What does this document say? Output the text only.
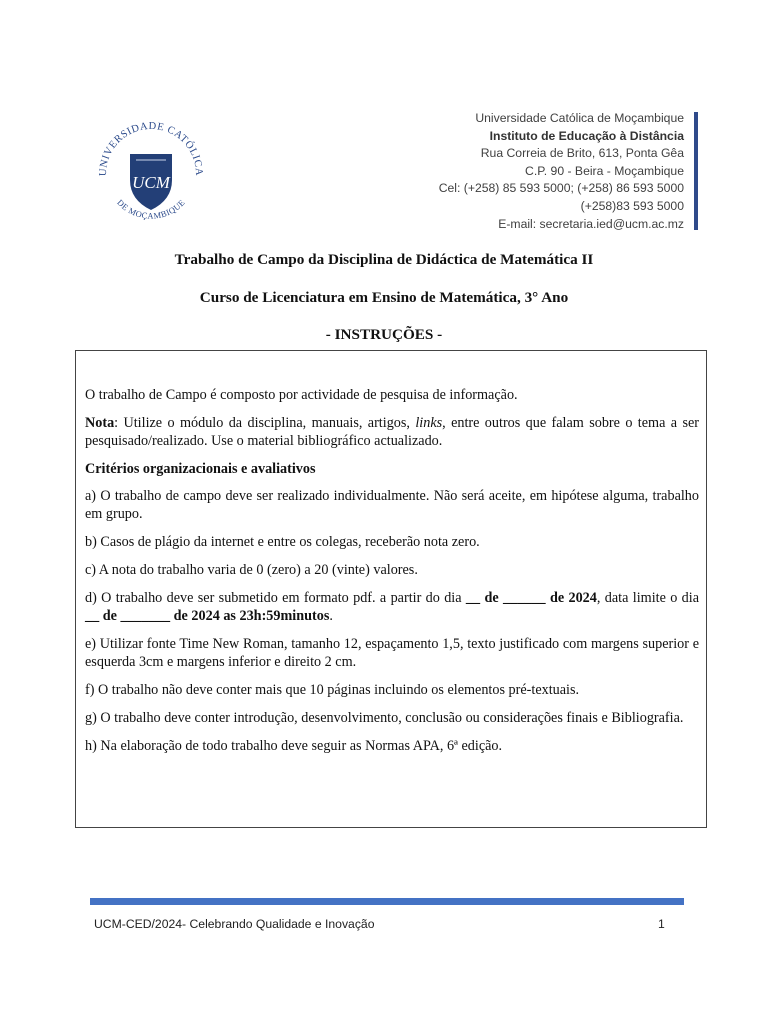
UNIVERSIDADE CATÓLICA
DE MOÇAMBIQUE
UCM
Universidade Católica de Moçambique
Instituto de Educação à Distância
Rua Correia de Brito, 613, Ponta Gêa
C.P. 90 - Beira - Moçambique
Cel: (+258) 85 593 5000; (+258) 86 593 5000
(+258)83 593 5000
E-mail: secretaria.ied@ucm.ac.mz
Trabalho de Campo da Disciplina de Didáctica de Matemática II
Curso de Licenciatura em Ensino de Matemática, 3° Ano
- INSTRUÇÕES -

O trabalho de Campo é composto por actividade de pesquisa de informação.

Nota: Utilize o módulo da disciplina, manuais, artigos, links, entre outros que falam sobre o tema a ser pesquisado/realizado. Use o material bibliográfico actualizado.

Critérios organizacionais e avaliativos

a) O trabalho de campo deve ser realizado individualmente. Não será aceite, em hipótese alguma, trabalho em grupo.

b) Casos de plágio da internet e entre os colegas, receberão nota zero.

c) A nota do trabalho varia de 0 (zero) a 20 (vinte) valores.

d) O trabalho deve ser submetido em formato pdf. a partir do dia __ de ______ de 2024, data limite o dia __ de _______ de 2024 as 23h:59minutos.

e) Utilizar fonte Time New Roman, tamanho 12, espaçamento 1,5, texto justificado com margens superior e esquerda 3cm e margens inferior e direito 2 cm.

f) O trabalho não deve conter mais que 10 páginas incluindo os elementos pré-textuais.

g) O trabalho deve conter introdução, desenvolvimento, conclusão ou considerações finais e Bibliografia.

h) Na elaboração de todo trabalho deve seguir as Normas APA, 6ª edição.

UCM-CED/2024- Celebrando Qualidade e Inovação	1
